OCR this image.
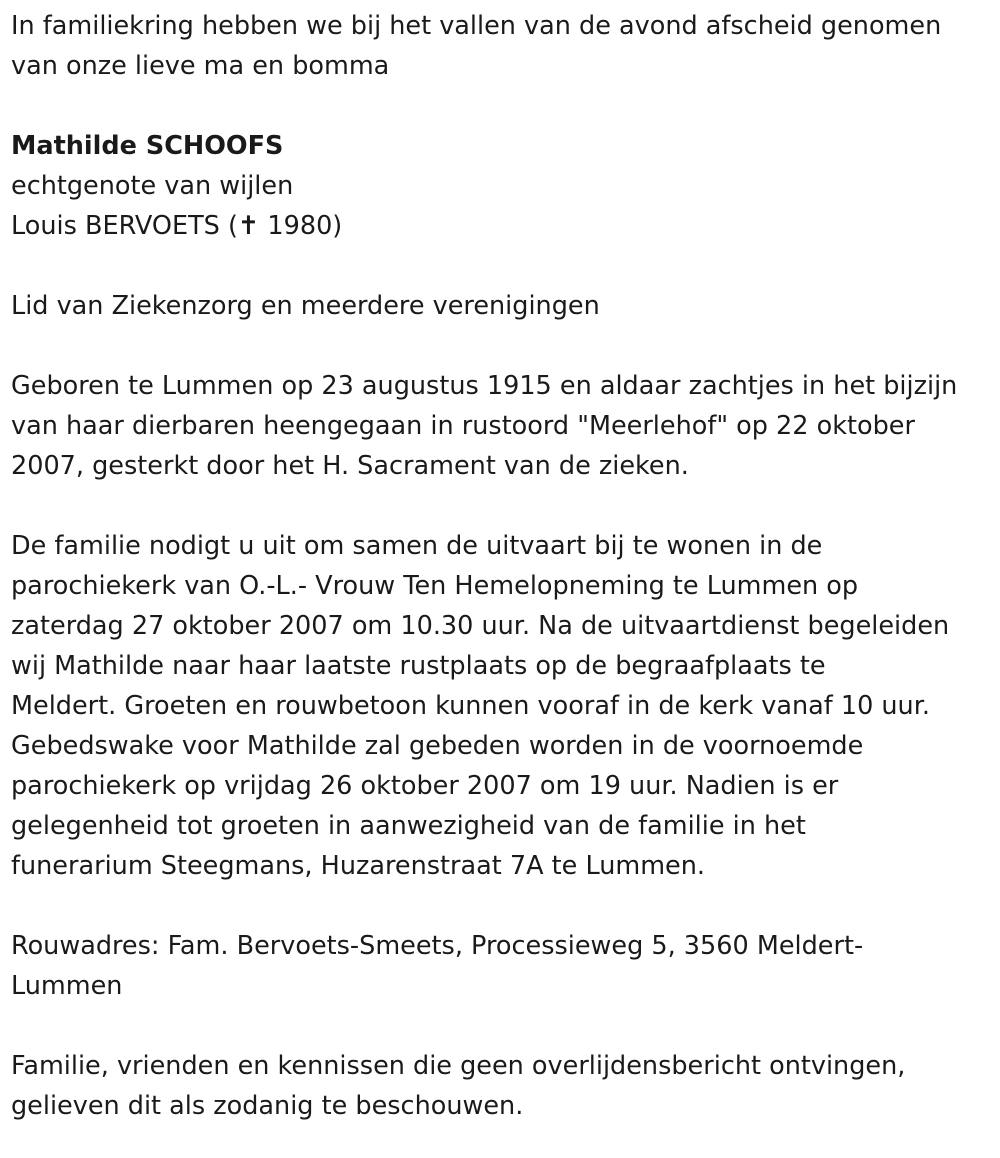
In familiekring hebben we bij het vallen van de avond afscheid genomen
van onze lieve ma en bomma

Mathilde SCHOOFS

echtgenote van wijlen
Louis BERVOETS (✝ 1980)

Lid van Ziekenzorg en meerdere verenigingen

Geboren te Lummen op 23 augustus 1915 en aldaar zachtjes in het bijzijn
van haar dierbaren heengegaan in rustoord "Meerlehof" op 22 oktober
2007, gesterkt door het H. Sacrament van de zieken.

De familie nodigt u uit om samen de uitvaart bij te wonen in de
parochiekerk van O.-L.- Vrouw Ten Hemelopneming te Lummen op
zaterdag 27 oktober 2007 om 10.30 uur. Na de uitvaartdienst begeleiden
wij Mathilde naar haar laatste rustplaats op de begraafplaats te
Meldert. Groeten en rouwbetoon kunnen vooraf in de kerk vanaf 10 uur.
Gebedswake voor Mathilde zal gebeden worden in de voornoemde
parochiekerk op vrijdag 26 oktober 2007 om 19 uur. Nadien is er
gelegenheid tot groeten in aanwezigheid van de familie in het
funerarium Steegmans, Huzarenstraat 7A te Lummen.

Rouwadres: Fam. Bervoets-Smeets, Processieweg 5, 3560 Meldert-
Lummen

Familie, vrienden en kennissen die geen overlijdensbericht ontvingen,
gelieven dit als zodanig te beschouwen.
